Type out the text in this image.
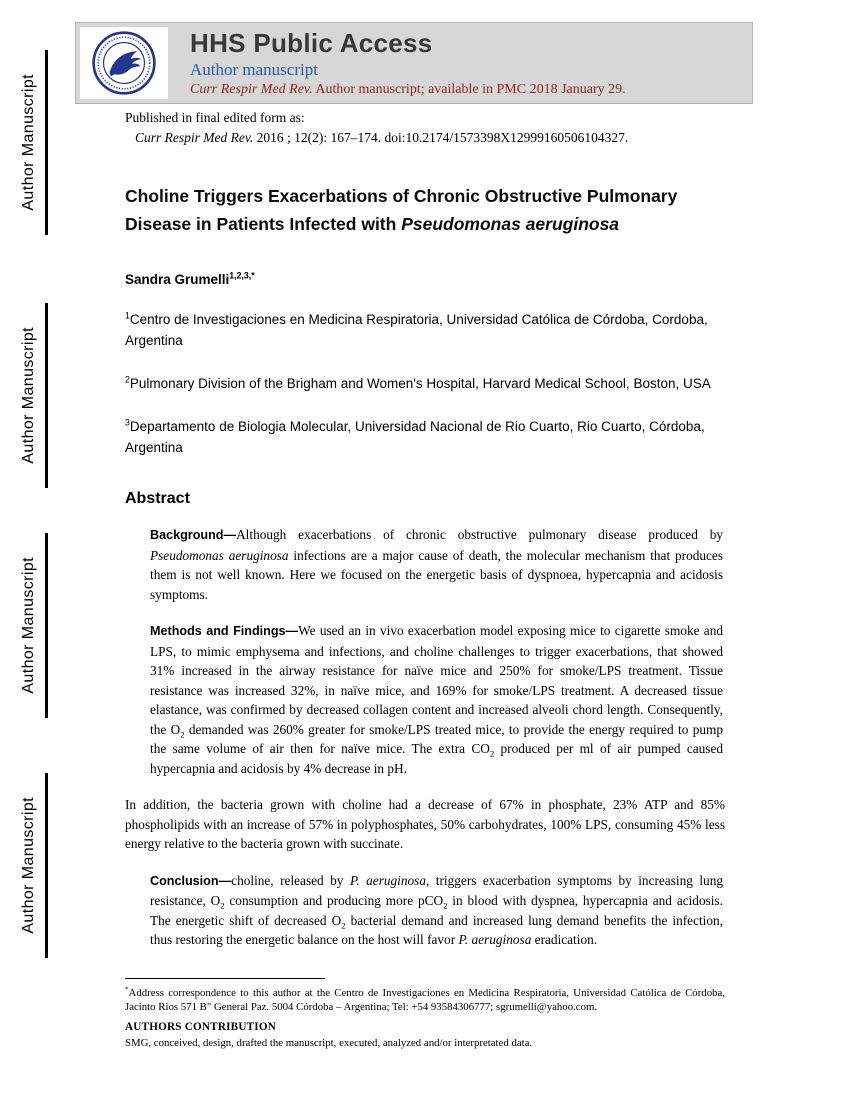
Author Manuscript
Author Manuscript
Author Manuscript
Author Manuscript
HHS Public Access
Author manuscript
Curr Respir Med Rev. Author manuscript; available in PMC 2018 January 29.
Published in final edited form as:
Curr Respir Med Rev. 2016 ; 12(2): 167–174. doi:10.2174/1573398X12999160506104327.
Choline Triggers Exacerbations of Chronic Obstructive Pulmonary Disease in Patients Infected with Pseudomonas aeruginosa
Sandra Grumelli$^{1,2,3,*}$
$^1$Centro de Investigaciones en Medicina Respiratoria, Universidad Católica de Córdoba, Cordoba, Argentina
$^2$Pulmonary Division of the Brigham and Women's Hospital, Harvard Medical School, Boston, USA
$^3$Departamento de Biologia Molecular, Universidad Nacional de Rio Cuarto, Rio Cuarto, Córdoba, Argentina
Abstract
Background—Although exacerbations of chronic obstructive pulmonary disease produced by Pseudomonas aeruginosa infections are a major cause of death, the molecular mechanism that produces them is not well known. Here we focused on the energetic basis of dyspnoea, hypercapnia and acidosis symptoms.
Methods and Findings—We used an in vivo exacerbation model exposing mice to cigarette smoke and LPS, to mimic emphysema and infections, and choline challenges to trigger exacerbations, that showed 31% increased in the airway resistance for naïve mice and 250% for smoke/LPS treatment. Tissue resistance was increased 32%, in naïve mice, and 169% for smoke/LPS treatment. A decreased tissue elastance, was confirmed by decreased collagen content and increased alveoli chord length. Consequently, the $O_2$ demanded was 260% greater for smoke/LPS treated mice, to provide the energy required to pump the same volume of air then for naïve mice. The extra $CO_2$ produced per ml of air pumped caused hypercapnia and acidosis by 4% decrease in pH.
In addition, the bacteria grown with choline had a decrease of 67% in phosphate, 23% ATP and 85% phospholipids with an increase of 57% in polyphosphates, 50% carbohydrates, 100% LPS, consuming 45% less energy relative to the bacteria grown with succinate.
Conclusion—choline, released by P. aeruginosa, triggers exacerbation symptoms by increasing lung resistance, $O_2$ consumption and producing more pCO$_2$ in blood with dyspnea, hypercapnia and acidosis. The energetic shift of decreased $O_2$ bacterial demand and increased lung demand benefits the infection, thus restoring the energetic balance on the host will favor P. aeruginosa eradication.
*Address correspondence to this author at the Centro de Investigaciones en Medicina Respiratoria, Universidad Católica de Córdoba, Jacinto Rios 571 B" General Paz. 5004 Córdoba – Argentina; Tel: +54 93584306777; sgrumelli@yahoo.com.
AUTHORS CONTRIBUTION
SMG, conceived, design, drafted the manuscript, executed, analyzed and/or interpretated data.
